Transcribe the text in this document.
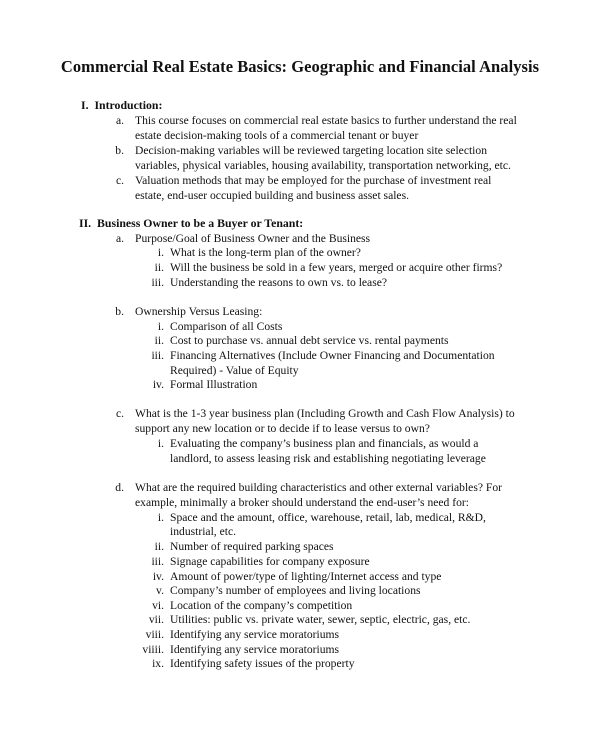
Commercial Real Estate Basics: Geographic and Financial Analysis
I. Introduction:
a. This course focuses on commercial real estate basics to further understand the real
estate decision-making tools of a commercial tenant or buyer
b. Decision-making variables will be reviewed targeting location site selection
variables, physical variables, housing availability, transportation networking, etc.
c. Valuation methods that may be employed for the purchase of investment real
estate, end-user occupied building and business asset sales.
II. Business Owner to be a Buyer or Tenant:
a. Purpose/Goal of Business Owner and the Business
i. What is the long-term plan of the owner?
ii. Will the business be sold in a few years, merged or acquire other firms?
iii. Understanding the reasons to own vs. to lease?
b. Ownership Versus Leasing:
i. Comparison of all Costs
ii. Cost to purchase vs. annual debt service vs. rental payments
iii. Financing Alternatives (Include Owner Financing and Documentation
Required) - Value of Equity
iv. Formal Illustration
c. What is the 1-3 year business plan (Including Growth and Cash Flow Analysis) to
support any new location or to decide if to lease versus to own?
i. Evaluating the company’s business plan and financials, as would a
landlord, to assess leasing risk and establishing negotiating leverage
d. What are the required building characteristics and other external variables? For
example, minimally a broker should understand the end-user’s need for:
i. Space and the amount, office, warehouse, retail, lab, medical, R&D,
industrial, etc.
ii. Number of required parking spaces
iii. Signage capabilities for company exposure
iv. Amount of power/type of lighting/Internet access and type
v. Company’s number of employees and living locations
vi. Location of the company’s competition
vii. Utilities: public vs. private water, sewer, septic, electric, gas, etc.
viii. Identifying any service moratoriums
viiii. Identifying any service moratoriums
ix. Identifying safety issues of the property
